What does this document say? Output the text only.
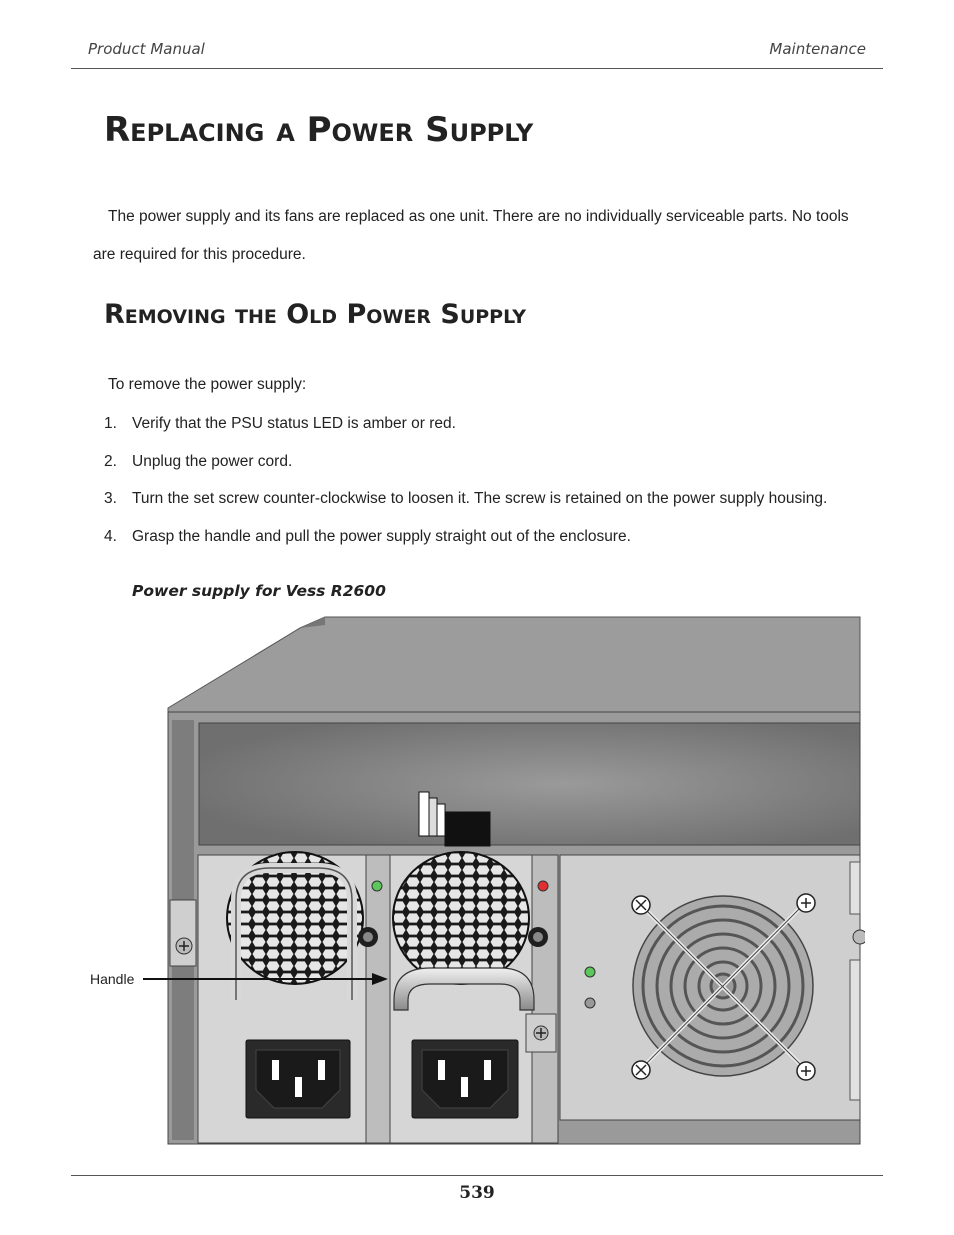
Product Manual	Maintenance
Replacing a Power Supply
The power supply and its fans are replaced as one unit. There are no individually serviceable parts. No tools
are required for this procedure.
Removing the Old Power Supply
To remove the power supply:
1. Verify that the PSU status LED is amber or red.
2. Unplug the power cord.
3. Turn the set screw counter-clockwise to loosen it. The screw is retained on the power supply housing.
4. Grasp the handle and pull the power supply straight out of the enclosure.
Power supply for Vess R2600
Handle
539
